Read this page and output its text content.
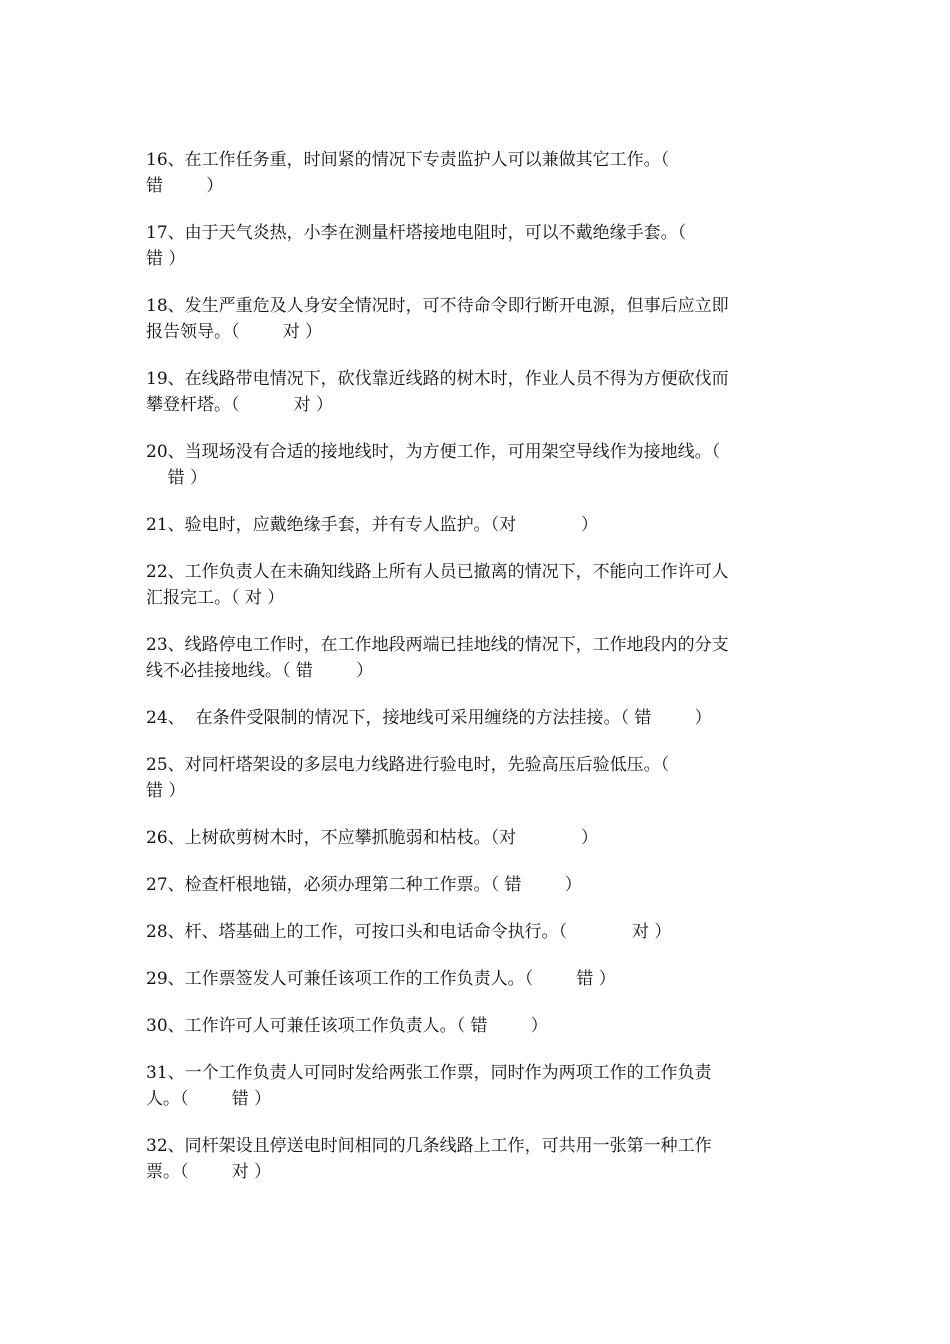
16、在工作任务重，时间紧的情况下专责监护人可以兼做其它工作。（
错        ）
17、由于天气炎热，小李在测量杆塔接地电阻时，可以不戴绝缘手套。（
错 ）
18、发生严重危及人身安全情况时，可不待命令即行断开电源，但事后应立即
报告领导。（        对 ）
19、在线路带电情况下，砍伐靠近线路的树木时，作业人员不得为方便砍伐而
攀登杆塔。（          对 ）
20、当现场没有合适的接地线时，为方便工作，可用架空导线作为接地线。（
错 ）
21、验电时，应戴绝缘手套，并有专人监护。（对            ）
22、工作负责人在未确知线路上所有人员已撤离的情况下，不能向工作许可人
汇报完工。（ 对 ）
23、线路停电工作时，在工作地段两端已挂地线的情况下，工作地段内的分支
线不必挂接地线。（ 错        ）
24、  在条件受限制的情况下，接地线可采用缠绕的方法挂接。（ 错        ）
25、对同杆塔架设的多层电力线路进行验电时，先验高压后验低压。（
错 ）
26、上树砍剪树木时，不应攀抓脆弱和枯枝。（对            ）
27、检查杆根地锚，必须办理第二种工作票。（ 错        ）
28、杆、塔基础上的工作，可按口头和电话命令执行。（            对 ）
29、工作票签发人可兼任该项工作的工作负责人。（        错 ）
30、工作许可人可兼任该项工作负责人。（ 错        ）
31、一个工作负责人可同时发给两张工作票，同时作为两项工作的工作负责
人。（        错 ）
32、同杆架设且停送电时间相同的几条线路上工作，可共用一张第一种工作
票。（        对 ）
